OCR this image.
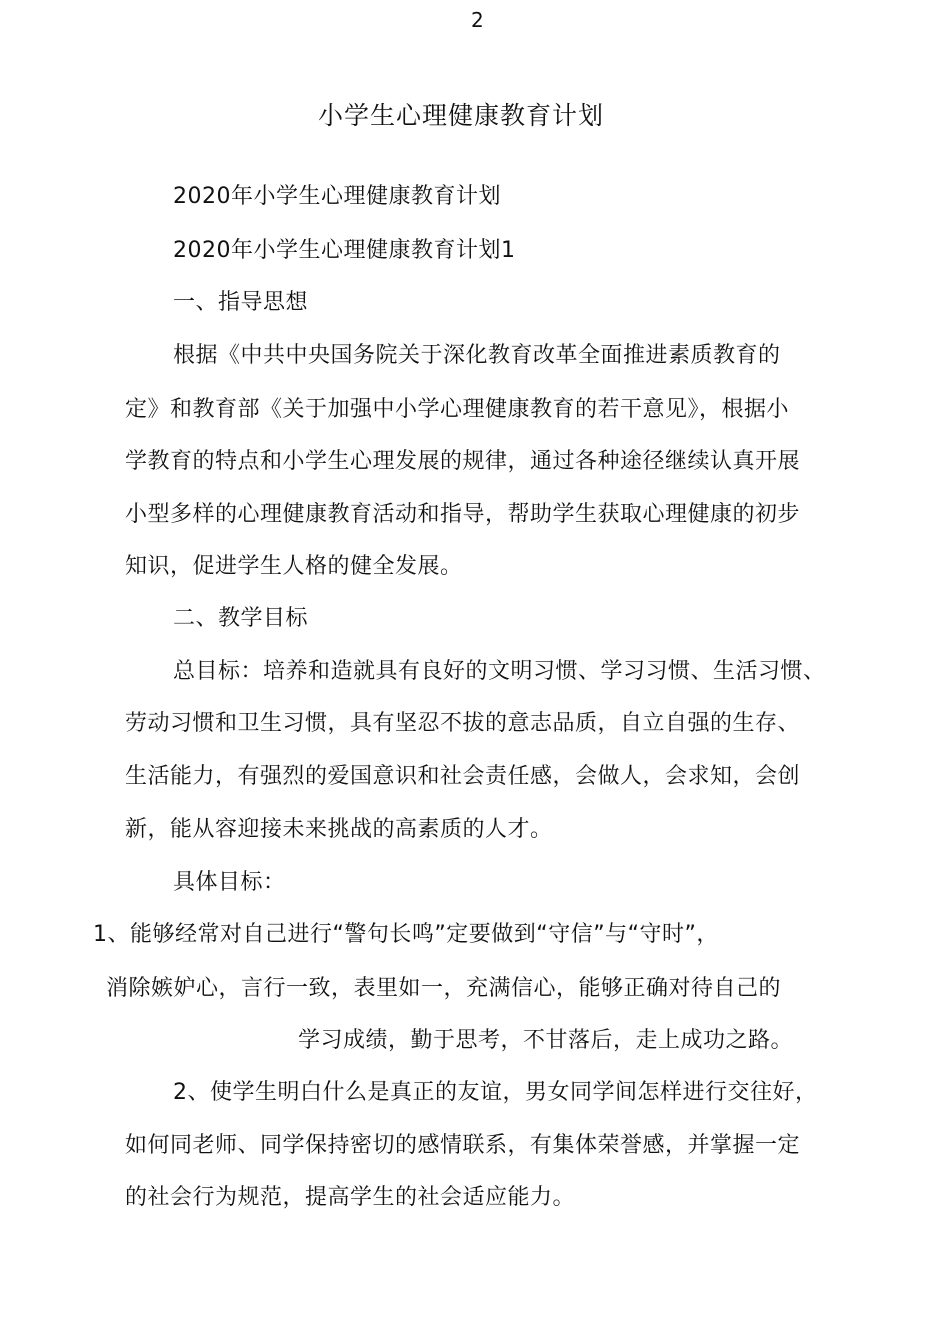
2
小学生心理健康教育计划
2020年小学生心理健康教育计划
2020年小学生心理健康教育计划1
一、指导思想
根据《中共中央国务院关于深化教育改革全面推进素质教育的
定》和教育部《关于加强中小学心理健康教育的若干意见》，根据小
学教育的特点和小学生心理发展的规律，通过各种途径继续认真开展
小型多样的心理健康教育活动和指导，帮助学生获取心理健康的初步
知识，促进学生人格的健全发展。
二、教学目标
总目标：培养和造就具有良好的文明习惯、学习习惯、生活习惯、
劳动习惯和卫生习惯，具有坚忍不拔的意志品质，自立自强的生存、
生活能力，有强烈的爱国意识和社会责任感，会做人，会求知，会创
新，能从容迎接未来挑战的高素质的人才。
具体目标：
1、能够经常对自己进行“警句长鸣”定要做到“守信”与“守时”，
消除嫉妒心，言行一致，表里如一，充满信心，能够正确对待自己的
学习成绩，勤于思考，不甘落后，走上成功之路。
2、使学生明白什么是真正的友谊，男女同学间怎样进行交往好，
如何同老师、同学保持密切的感情联系，有集体荣誉感，并掌握一定
的社会行为规范，提高学生的社会适应能力。
